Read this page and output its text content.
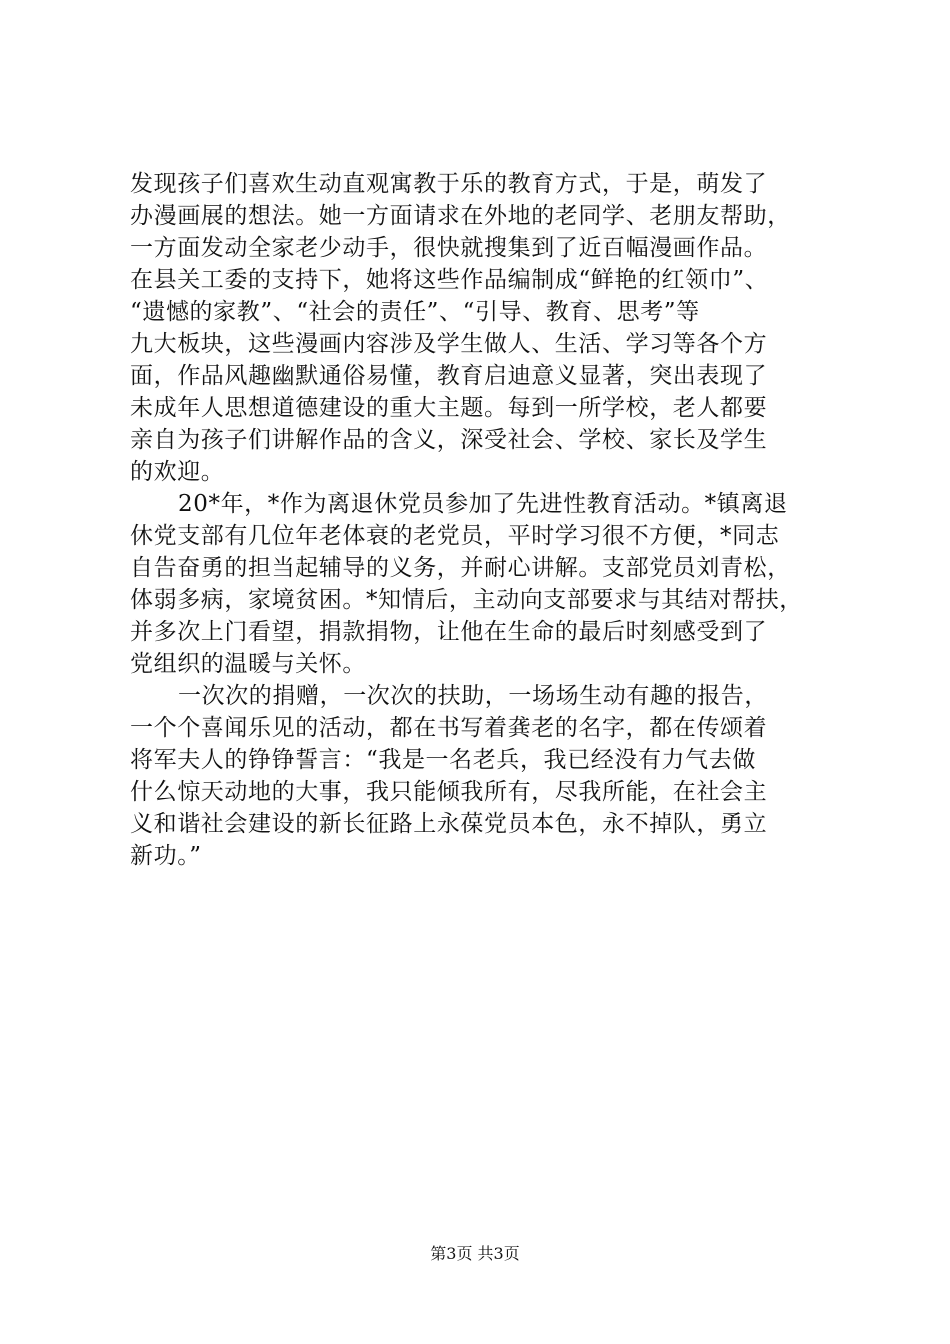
发现孩子们喜欢生动直观寓教于乐的教育方式，于是，萌发了
办漫画展的想法。她一方面请求在外地的老同学、老朋友帮助，
一方面发动全家老少动手，很快就搜集到了近百幅漫画作品。
在县关工委的支持下，她将这些作品编制成“鲜艳的红领巾”、
“遗憾的家教”、“社会的责任”、“引导、教育、思考”等
九大板块，这些漫画内容涉及学生做人、生活、学习等各个方
面，作品风趣幽默通俗易懂，教育启迪意义显著，突出表现了
未成年人思想道德建设的重大主题。每到一所学校，老人都要
亲自为孩子们讲解作品的含义，深受社会、学校、家长及学生
的欢迎。
20*年，*作为离退休党员参加了先进性教育活动。*镇离退
休党支部有几位年老体衰的老党员，平时学习很不方便，*同志
自告奋勇的担当起辅导的义务，并耐心讲解。支部党员刘青松，
体弱多病，家境贫困。*知情后，主动向支部要求与其结对帮扶，
并多次上门看望，捐款捐物，让他在生命的最后时刻感受到了
党组织的温暖与关怀。
一次次的捐赠，一次次的扶助，一场场生动有趣的报告，
一个个喜闻乐见的活动，都在书写着龚老的名字，都在传颂着
将军夫人的铮铮誓言：“我是一名老兵，我已经没有力气去做
什么惊天动地的大事，我只能倾我所有，尽我所能，在社会主
义和谐社会建设的新长征路上永葆党员本色，永不掉队，勇立
新功。”
第3页 共3页
